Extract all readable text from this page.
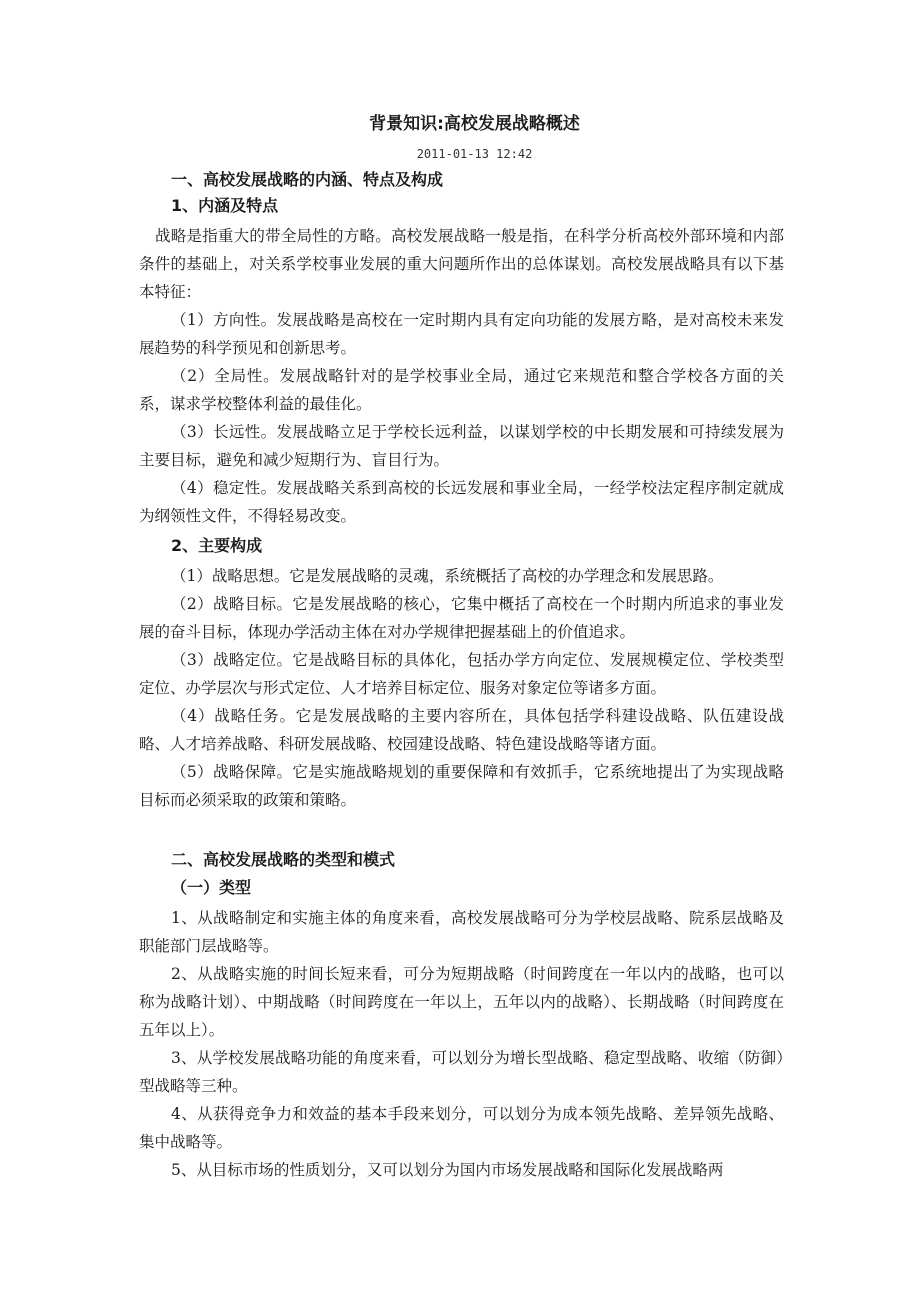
背景知识:高校发展战略概述
2011-01-13 12:42
一、高校发展战略的内涵、特点及构成
1、内涵及特点

战略是指重大的带全局性的方略。高校发展战略一般是指，在科学分析高校外部环境和内部条件的基础上，对关系学校事业发展的重大问题所作出的总体谋划。高校发展战略具有以下基本特征：

（1）方向性。发展战略是高校在一定时期内具有定向功能的发展方略，是对高校未来发展趋势的科学预见和创新思考。

（2）全局性。发展战略针对的是学校事业全局，通过它来规范和整合学校各方面的关系，谋求学校整体利益的最佳化。

（3）长远性。发展战略立足于学校长远利益，以谋划学校的中长期发展和可持续发展为主要目标，避免和减少短期行为、盲目行为。

（4）稳定性。发展战略关系到高校的长远发展和事业全局，一经学校法定程序制定就成为纲领性文件，不得轻易改变。

2、主要构成

（1）战略思想。它是发展战略的灵魂，系统概括了高校的办学理念和发展思路。

（2）战略目标。它是发展战略的核心，它集中概括了高校在一个时期内所追求的事业发展的奋斗目标，体现办学活动主体在对办学规律把握基础上的价值追求。

（3）战略定位。它是战略目标的具体化，包括办学方向定位、发展规模定位、学校类型定位、办学层次与形式定位、人才培养目标定位、服务对象定位等诸多方面。

（4）战略任务。它是发展战略的主要内容所在，具体包括学科建设战略、队伍建设战略、人才培养战略、科研发展战略、校园建设战略、特色建设战略等诸方面。

（5）战略保障。它是实施战略规划的重要保障和有效抓手，它系统地提出了为实现战略目标而必须采取的政策和策略。

二、高校发展战略的类型和模式
（一）类型

1、从战略制定和实施主体的角度来看，高校发展战略可分为学校层战略、院系层战略及职能部门层战略等。

2、从战略实施的时间长短来看，可分为短期战略（时间跨度在一年以内的战略，也可以称为战略计划）、中期战略（时间跨度在一年以上，五年以内的战略）、长期战略（时间跨度在五年以上）。

3、从学校发展战略功能的角度来看，可以划分为增长型战略、稳定型战略、收缩（防御）型战略等三种。

4、从获得竞争力和效益的基本手段来划分，可以划分为成本领先战略、差异领先战略、集中战略等。

5、从目标市场的性质划分，又可以划分为国内市场发展战略和国际化发展战略两
